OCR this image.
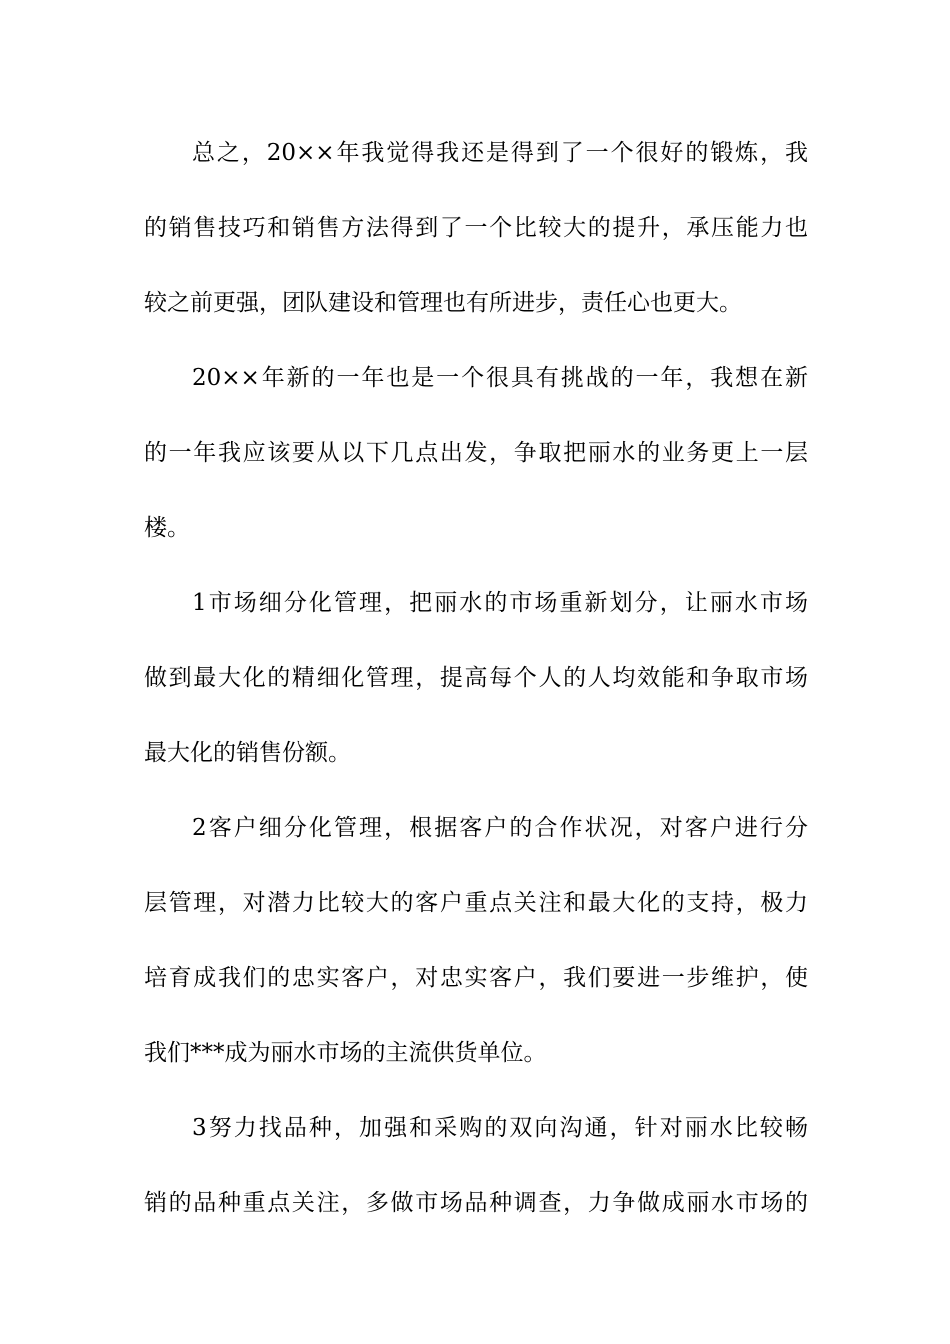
总之，20××年我觉得我还是得到了一个很好的锻炼，我
的销售技巧和销售方法得到了一个比较大的提升，承压能力也
较之前更强，团队建设和管理也有所进步，责任心也更大。
20××年新的一年也是一个很具有挑战的一年，我想在新
的一年我应该要从以下几点出发，争取把丽水的业务更上一层
楼。
1市场细分化管理，把丽水的市场重新划分，让丽水市场
做到最大化的精细化管理，提高每个人的人均效能和争取市场
最大化的销售份额。
2客户细分化管理，根据客户的合作状况，对客户进行分
层管理，对潜力比较大的客户重点关注和最大化的支持，极力
培育成我们的忠实客户，对忠实客户，我们要进一步维护，使
我们***成为丽水市场的主流供货单位。
3努力找品种，加强和采购的双向沟通，针对丽水比较畅
销的品种重点关注，多做市场品种调查，力争做成丽水市场的
